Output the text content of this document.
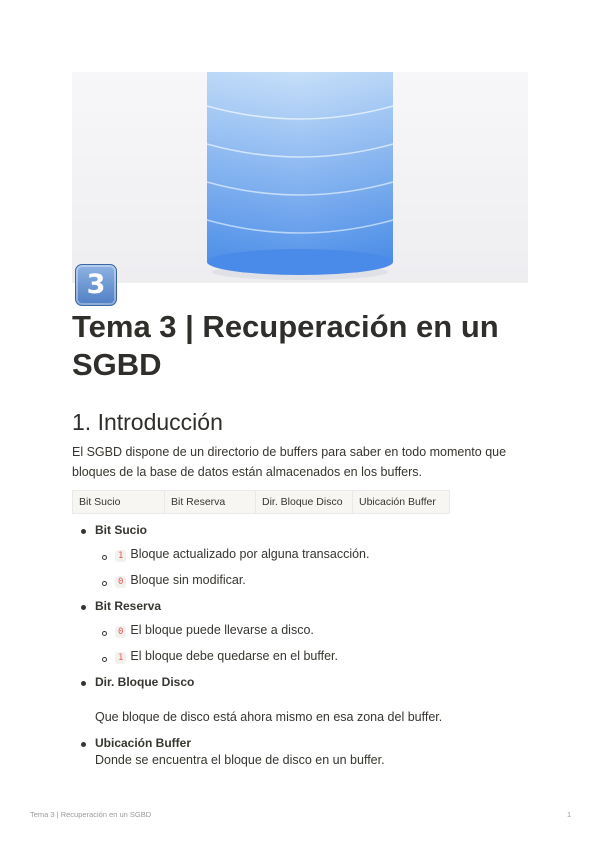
3
Tema 3 | Recuperación en un SGBD
1. Introducción

El SGBD dispone de un directorio de buffers para saber en todo momento que bloques de la base de datos están almacenados en los buffers.

Bit Sucio	Bit Reserva	Dir. Bloque Disco	Ubicación Buffer
Bit Sucio
1 Bloque actualizado por alguna transacción.
0 Bloque sin modificar.
Bit Reserva
0 El bloque puede llevarse a disco.
1 El bloque debe quedarse en el buffer.
Dir. Bloque Disco
Que bloque de disco está ahora mismo en esa zona del buffer.
Ubicación Buffer
Donde se encuentra el bloque de disco en un buffer.
Tema 3 | Recuperación en un SGBD	1
